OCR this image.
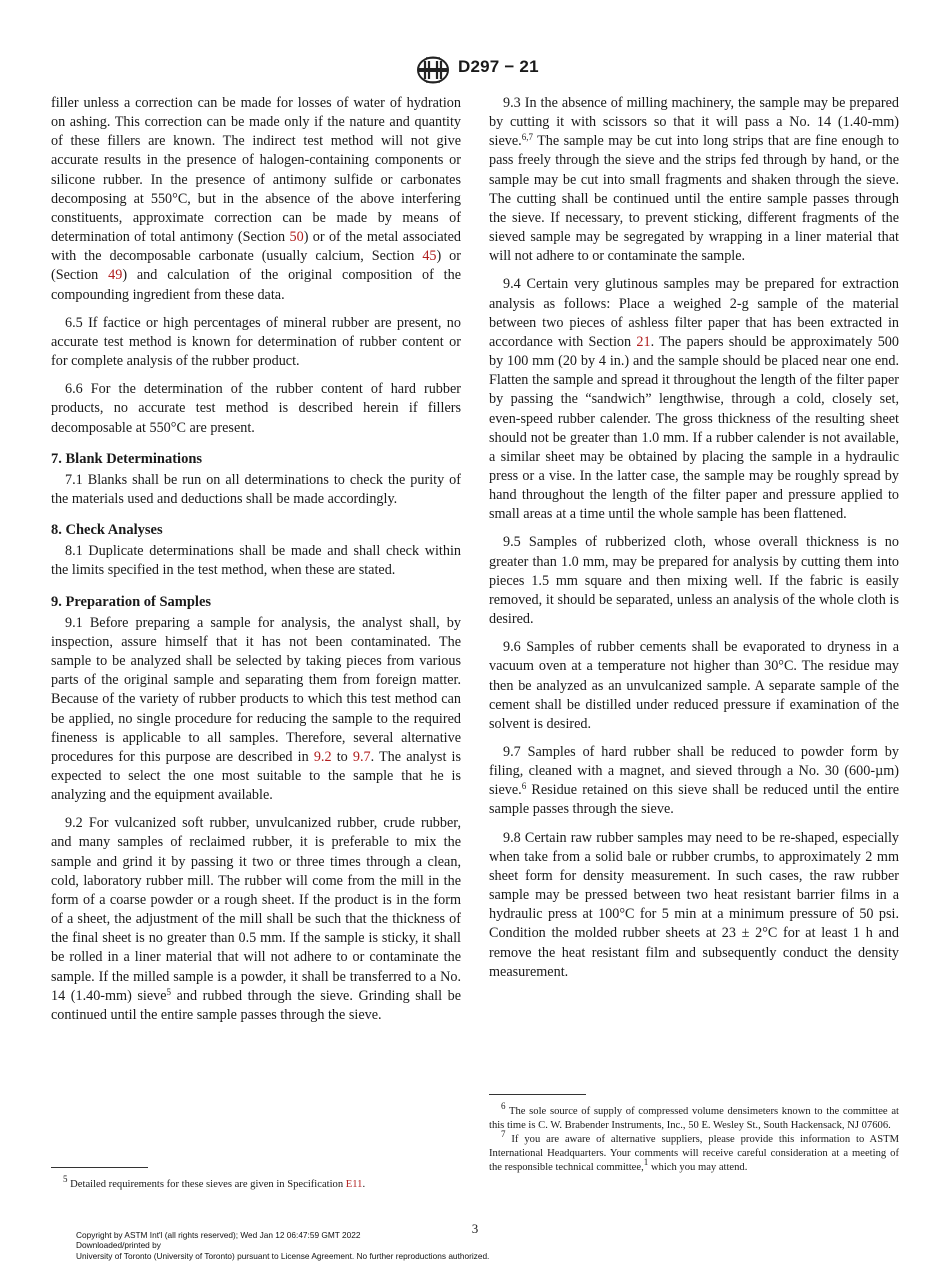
D297 − 21

filler unless a correction can be made for losses of water of hydration on ashing. This correction can be made only if the nature and quantity of these fillers are known. The indirect test method will not give accurate results in the presence of halogen-containing components or silicone rubber. In the presence of antimony sulfide or carbonates decomposing at 550°C, but in the absence of the above interfering constituents, approximate correction can be made by means of determination of total antimony (Section 50) or of the metal associated with the decomposable carbonate (usually calcium, Section 45) or (Section 49) and calculation of the original composition of the compounding ingredient from these data.

6.5 If factice or high percentages of mineral rubber are present, no accurate test method is known for determination of rubber content or for complete analysis of the rubber product.

6.6 For the determination of the rubber content of hard rubber products, no accurate test method is described herein if fillers decomposable at 550°C are present.

7. Blank Determinations

7.1 Blanks shall be run on all determinations to check the purity of the materials used and deductions shall be made accordingly.

8. Check Analyses

8.1 Duplicate determinations shall be made and shall check within the limits specified in the test method, when these are stated.

9. Preparation of Samples

9.1 Before preparing a sample for analysis, the analyst shall, by inspection, assure himself that it has not been contaminated. The sample to be analyzed shall be selected by taking pieces from various parts of the original sample and separating them from foreign matter. Because of the variety of rubber products to which this test method can be applied, no single procedure for reducing the sample to the required fineness is applicable to all samples. Therefore, several alternative procedures for this purpose are described in 9.2 to 9.7. The analyst is expected to select the one most suitable to the sample that he is analyzing and the equipment available.

9.2 For vulcanized soft rubber, unvulcanized rubber, crude rubber, and many samples of reclaimed rubber, it is preferable to mix the sample and grind it by passing it two or three times through a clean, cold, laboratory rubber mill. The rubber will come from the mill in the form of a coarse powder or a rough sheet. If the product is in the form of a sheet, the adjustment of the mill shall be such that the thickness of the final sheet is no greater than 0.5 mm. If the sample is sticky, it shall be rolled in a liner material that will not adhere to or contaminate the sample. If the milled sample is a powder, it shall be transferred to a No. 14 (1.40-mm) sieve$^5$ and rubbed through the sieve. Grinding shall be continued until the entire sample passes through the sieve.

$^5$ Detailed requirements for these sieves are given in Specification E11.

9.3 In the absence of milling machinery, the sample may be prepared by cutting it with scissors so that it will pass a No. 14 (1.40-mm) sieve.$^{6,7}$ The sample may be cut into long strips that are fine enough to pass freely through the sieve and the strips fed through by hand, or the sample may be cut into small fragments and shaken through the sieve. The cutting shall be continued until the entire sample passes through the sieve. If necessary, to prevent sticking, different fragments of the sieved sample may be segregated by wrapping in a liner material that will not adhere to or contaminate the sample.

9.4 Certain very glutinous samples may be prepared for extraction analysis as follows: Place a weighed 2-g sample of the material between two pieces of ashless filter paper that has been extracted in accordance with Section 21. The papers should be approximately 500 by 100 mm (20 by 4 in.) and the sample should be placed near one end. Flatten the sample and spread it throughout the length of the filter paper by passing the “sandwich” lengthwise, through a cold, closely set, even-speed rubber calender. The gross thickness of the resulting sheet should not be greater than 1.0 mm. If a rubber calender is not available, a similar sheet may be obtained by placing the sample in a hydraulic press or a vise. In the latter case, the sample may be roughly spread by hand throughout the length of the filter paper and pressure applied to small areas at a time until the whole sample has been flattened.

9.5 Samples of rubberized cloth, whose overall thickness is no greater than 1.0 mm, may be prepared for analysis by cutting them into pieces 1.5 mm square and then mixing well. If the fabric is easily removed, it should be separated, unless an analysis of the whole cloth is desired.

9.6 Samples of rubber cements shall be evaporated to dryness in a vacuum oven at a temperature not higher than 30°C. The residue may then be analyzed as an unvulcanized sample. A separate sample of the cement shall be distilled under reduced pressure if examination of the solvent is desired.

9.7 Samples of hard rubber shall be reduced to powder form by filing, cleaned with a magnet, and sieved through a No. 30 (600-µm) sieve.$^6$ Residue retained on this sieve shall be reduced until the entire sample passes through the sieve.

9.8 Certain raw rubber samples may need to be re-shaped, especially when take from a solid bale or rubber crumbs, to approximately 2 mm sheet form for density measurement. In such cases, the raw rubber sample may be pressed between two heat resistant barrier films in a hydraulic press at 100°C for 5 min at a minimum pressure of 50 psi. Condition the molded rubber sheets at 23 ± 2°C for at least 1 h and remove the heat resistant film and subsequently conduct the density measurement.

$^6$ The sole source of supply of compressed volume densimeters known to the committee at this time is C. W. Brabender Instruments, Inc., 50 E. Wesley St., South Hackensack, NJ 07606.

$^7$ If you are aware of alternative suppliers, please provide this information to ASTM International Headquarters. Your comments will receive careful consideration at a meeting of the responsible technical committee,$^1$ which you may attend.

3
Copyright by ASTM Int'l (all rights reserved); Wed Jan 12 06:47:59 GMT 2022
Downloaded/printed by
University of Toronto (University of Toronto) pursuant to License Agreement. No further reproductions authorized.
